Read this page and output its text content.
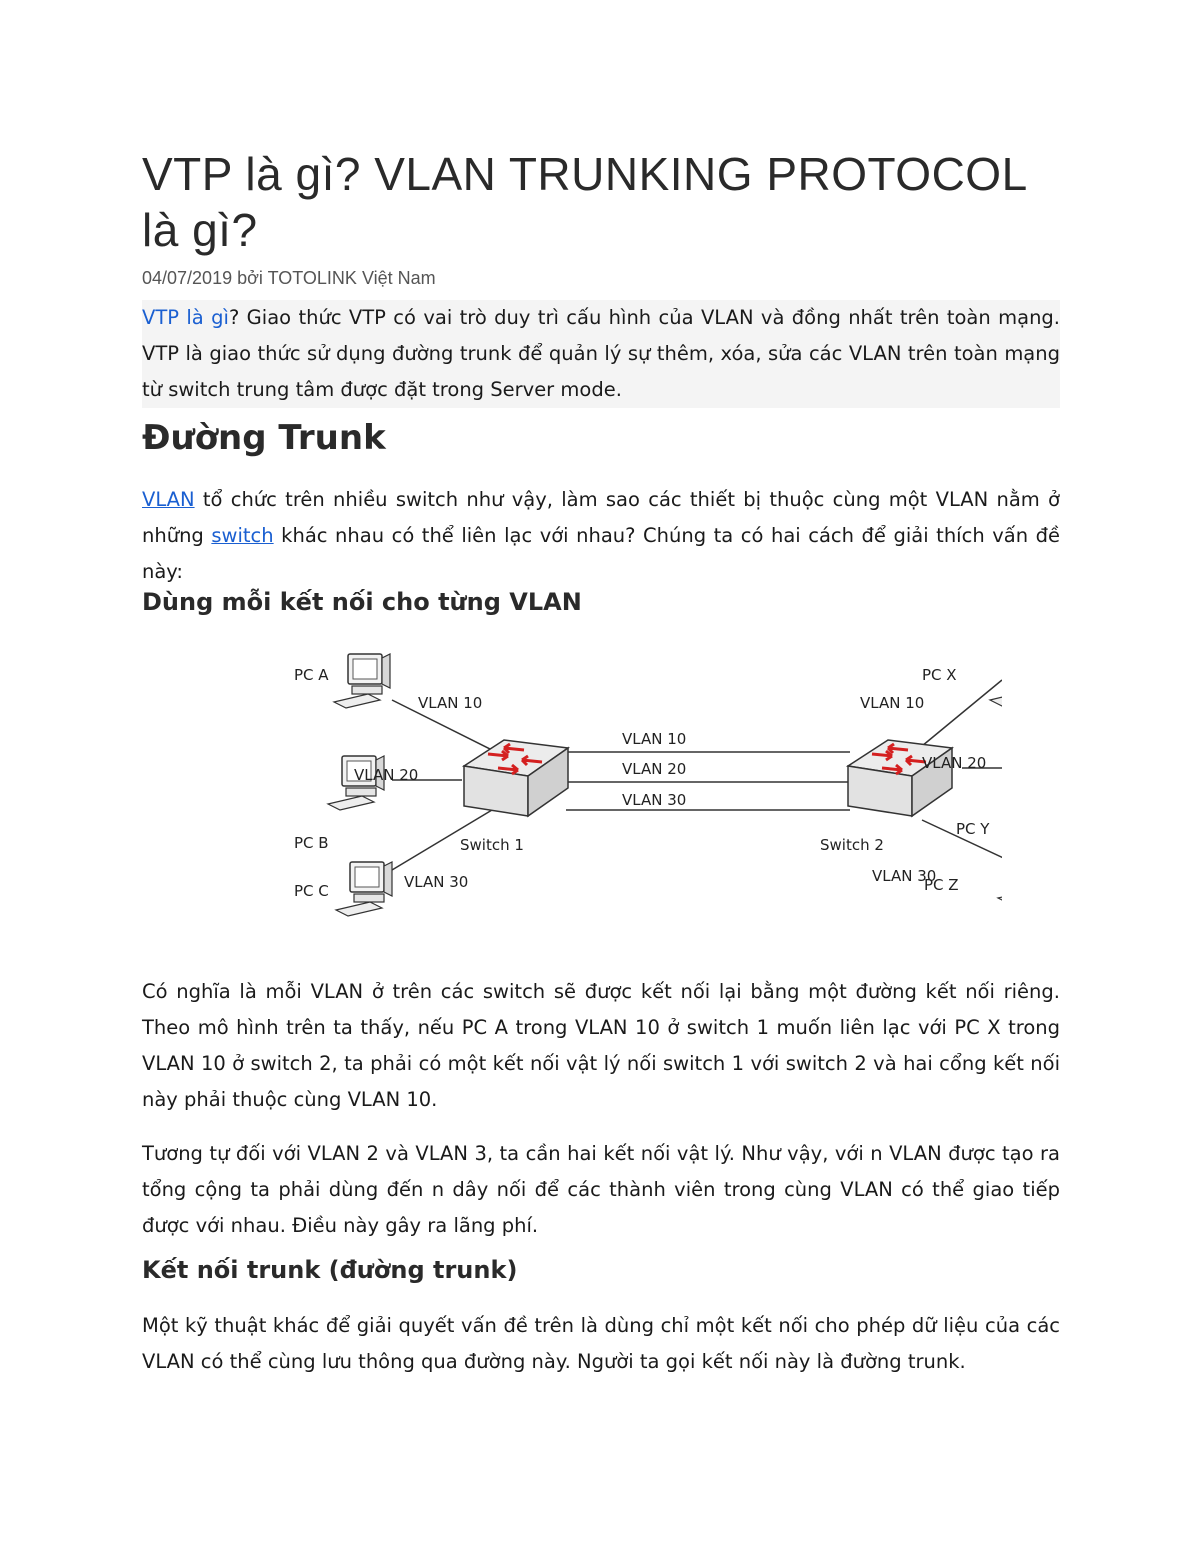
VTP là gì? VLAN TRUNKING PROTOCOL là gì?
04/07/2019 bởi TOTOLINK Việt Nam

VTP là gì? Giao thức VTP có vai trò duy trì cấu hình của VLAN và đồng nhất trên toàn mạng. VTP là giao thức sử dụng đường trunk để quản lý sự thêm, xóa, sửa các VLAN trên toàn mạng từ switch trung tâm được đặt trong Server mode.

Đường Trunk

VLAN tổ chức trên nhiều switch như vậy, làm sao các thiết bị thuộc cùng một VLAN nằm ở những switch khác nhau có thể liên lạc với nhau? Chúng ta có hai cách để giải thích vấn đề này:

Dùng mỗi kết nối cho từng VLAN
PC A
PC B
PC C
PC X
PC Y
PC Z
Switch 1	Switch 2
VLAN 10
VLAN 20
VLAN 30
VLAN 10
VLAN 20
VLAN 30
VLAN 10
VLAN 20
VLAN 30

Có nghĩa là mỗi VLAN ở trên các switch sẽ được kết nối lại bằng một đường kết nối riêng. Theo mô hình trên ta thấy, nếu PC A trong VLAN 10 ở switch 1 muốn liên lạc với PC X trong VLAN 10 ở switch 2, ta phải có một kết nối vật lý nối switch 1 với switch 2 và hai cổng kết nối này phải thuộc cùng VLAN 10.

Tương tự đối với VLAN 2 và VLAN 3, ta cần hai kết nối vật lý. Như vậy, với n VLAN được tạo ra tổng cộng ta phải dùng đến n dây nối để các thành viên trong cùng VLAN có thể giao tiếp được với nhau. Điều này gây ra lãng phí.

Kết nối trunk (đường trunk)

Một kỹ thuật khác để giải quyết vấn đề trên là dùng chỉ một kết nối cho phép dữ liệu của các VLAN có thể cùng lưu thông qua đường này. Người ta gọi kết nối này là đường trunk.
